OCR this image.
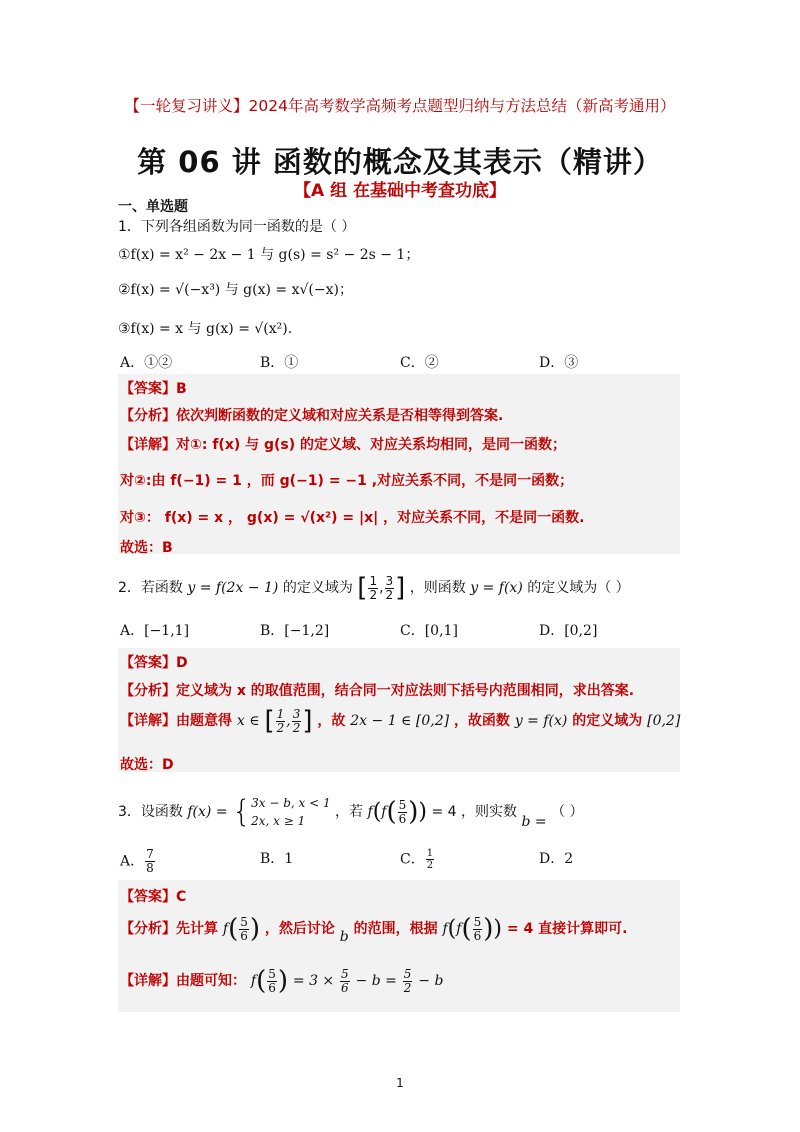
【一轮复习讲义】2024年高考数学高频考点题型归纳与方法总结（新高考通用）
第 06 讲 函数的概念及其表示（精讲）
【A 组 在基础中考查功底】
一、单选题
1．下列各组函数为同一函数的是（ ）
①f(x) = x² − 2x − 1 与 g(s) = s² − 2s − 1；
②f(x) = √(−x³) 与 g(x) = x√(−x)；
③f(x) = x 与 g(x) = √(x²).
A．①②	B．①	C．②	D．③
【答案】B
【分析】依次判断函数的定义域和对应关系是否相等得到答案.
【详解】对①: f(x) 与 g(s) 的定义域、对应关系均相同，是同一函数；
对②:由 f(−1) = 1 ，而 g(−1) = −1 ,对应关系不同，不是同一函数；
对③： f(x) = x ， g(x) = √(x²) = |x| ，对应关系不同，不是同一函数.
故选：B
2．若函数 y = f(2x − 1) 的定义域为 [ $\frac{1}{2}$ , $\frac{3}{2}$ ] ，则函数 y = f(x) 的定义域为（ ）
A．[−1,1]	B．[−1,2]	C．[0,1]	D．[0,2]
【答案】D
【分析】定义域为 x 的取值范围，结合同一对应法则下括号内范围相同，求出答案.
【详解】由题意得 x ∈ [ $\frac{1}{2}$ , $\frac{3}{2}$ ] ，故 2x − 1 ∈ [0,2] ，故函数 y = f(x) 的定义域为 [0,2]
故选：D
3．设函数 f(x) = { 3x − b, x < 1
2x, x ≥ 1
，若 $f(f( \frac{5}{6}$ )) = 4 ，则实数 b = （ ）
A． $\frac{7}{8}$	B．1	C． $\frac{1}{2}$	D．2
【答案】C
【分析】先计算 $f( \frac{5}{6}$ ) ，然后讨论 b 的范围，根据 $f(f( \frac{5}{6}$ )) = 4 直接计算即可.
【详解】由题可知： $f( \frac{5}{6}$ ) = $3 \times \frac{5}{6} - b = \frac{5}{2} - b$
1
